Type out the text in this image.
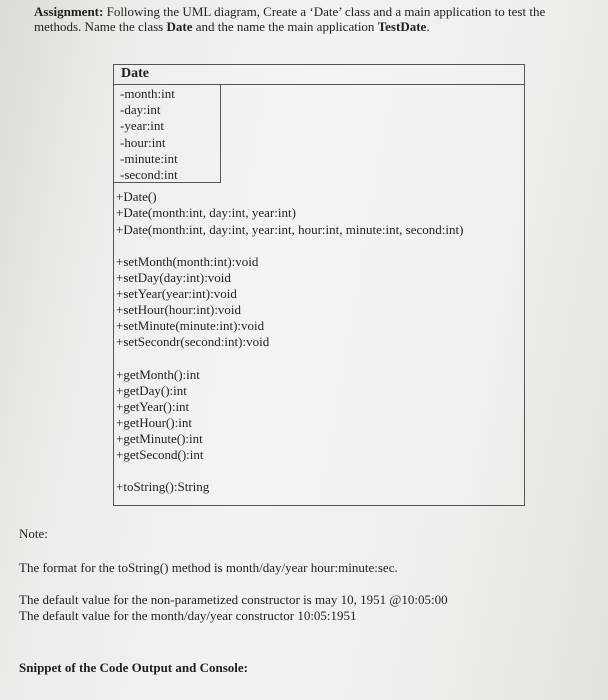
Assignment: Following the UML diagram, Create a ‘Date’ class and a main application to test the methods. Name the class Date and the name the main application TestDate.
Date
-month:int
-day:int
-year:int
-hour:int
-minute:int
-second:int
+Date()
+Date(month:int, day:int, year:int)
+Date(month:int, day:int, year:int, hour:int, minute:int, second:int)
+setMonth(month:int):void
+setDay(day:int):void
+setYear(year:int):void
+setHour(hour:int):void
+setMinute(minute:int):void
+setSecondr(second:int):void
+getMonth():int
+getDay():int
+getYear():int
+getHour():int
+getMinute():int
+getSecond():int
+toString():String
Note:
The format for the toString() method is month/day/year hour:minute:sec.
The default value for the non-parametized constructor is may 10, 1951 @10:05:00
The default value for the month/day/year constructor 10:05:1951
Snippet of the Code Output and Console:
